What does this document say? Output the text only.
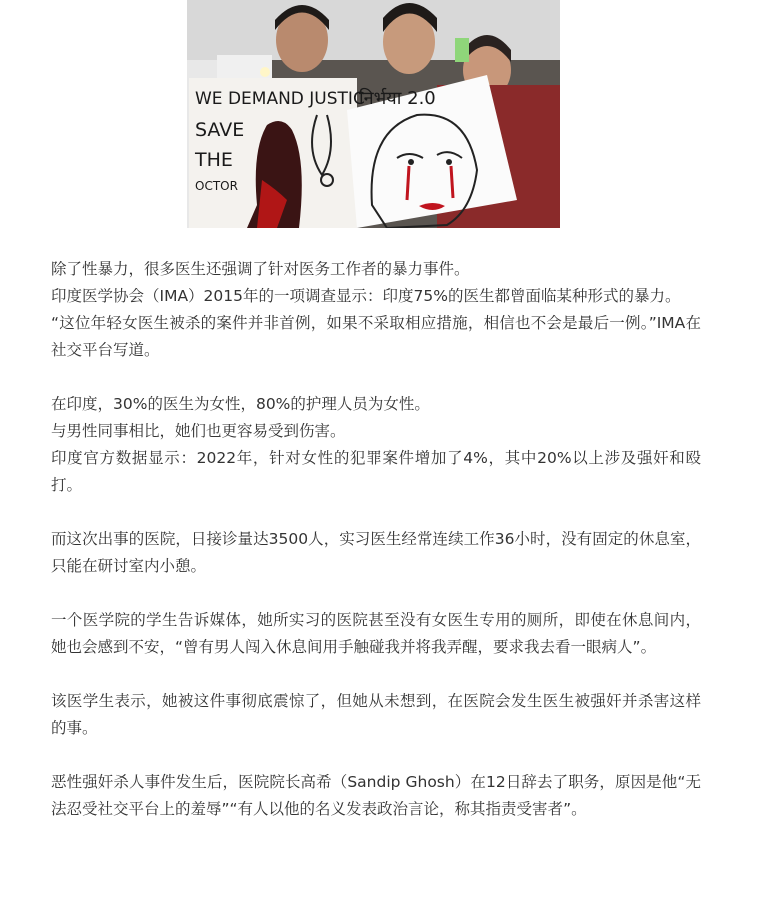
WE DEMAND JUSTIC
SAVE
THE
OCTOR
निर्भया 2.0

除了性暴力，很多医生还强调了针对医务工作者的暴力事件。

印度医学协会（IMA）2015年的一项调查显示：印度75%的医生都曾面临某种形式的暴力。

“这位年轻女医生被杀的案件并非首例，如果不采取相应措施，相信也不会是最后一例。”IMA在社交平台写道。

在印度，30%的医生为女性，80%的护理人员为女性。

与男性同事相比，她们也更容易受到伤害。

印度官方数据显示：2022年，针对女性的犯罪案件增加了4%，其中20%以上涉及强奸和殴打。

而这次出事的医院，日接诊量达3500人，实习医生经常连续工作36小时，没有固定的休息室，只能在研讨室内小憩。

一个医学院的学生告诉媒体，她所实习的医院甚至没有女医生专用的厕所，即使在休息间内，她也会感到不安，“曾有男人闯入休息间用手触碰我并将我弄醒，要求我去看一眼病人”。

该医学生表示，她被这件事彻底震惊了，但她从未想到，在医院会发生医生被强奸并杀害这样的事。

恶性强奸杀人事件发生后，医院院长高希（Sandip Ghosh）在12日辞去了职务，原因是他“无法忍受社交平台上的羞辱”“有人以他的名义发表政治言论，称其指责受害者”。
